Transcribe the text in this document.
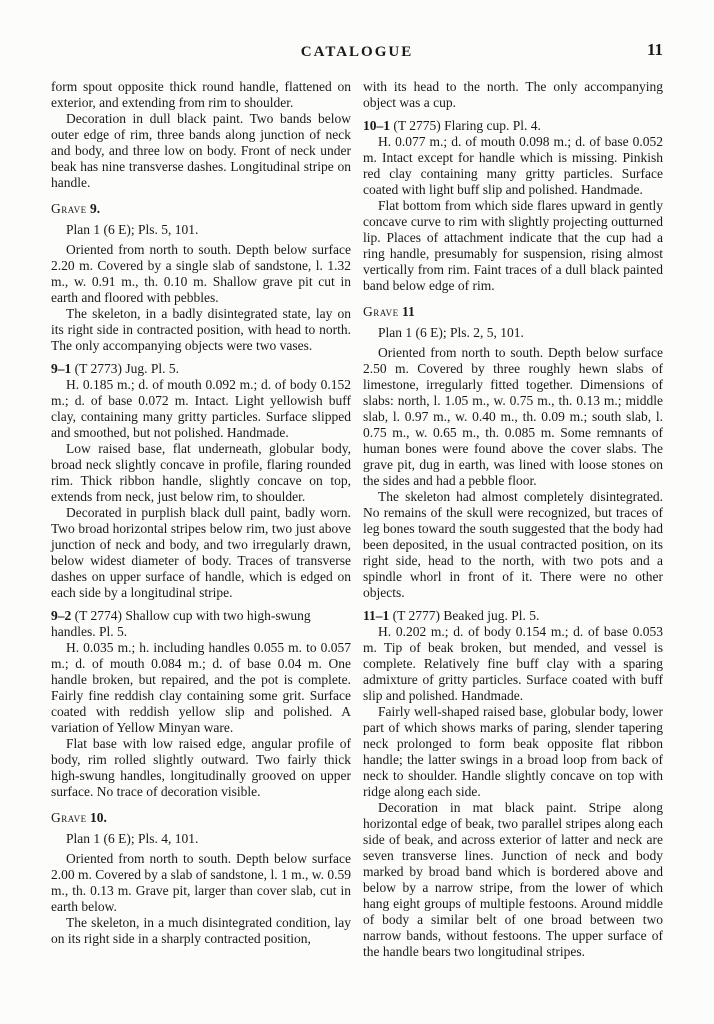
CATALOGUE	11

form spout opposite thick round handle, flattened on exterior, and extending from rim to shoulder.

Decoration in dull black paint. Two bands below outer edge of rim, three bands along junction of neck and body, and three low on body. Front of neck under beak has nine transverse dashes. Longitudinal stripe on handle.

Grave 9.

Plan 1 (6 E); Pls. 5, 101.

Oriented from north to south. Depth below surface 2.20 m. Covered by a single slab of sandstone, l. 1.32 m., w. 0.91 m., th. 0.10 m. Shallow grave pit cut in earth and floored with pebbles.

The skeleton, in a badly disintegrated state, lay on its right side in contracted position, with head to north. The only accompanying objects were two vases.

9–1 (T 2773) Jug. Pl. 5.

H. 0.185 m.; d. of mouth 0.092 m.; d. of body 0.152 m.; d. of base 0.072 m. Intact. Light yellowish buff clay, containing many gritty particles. Surface slipped and smoothed, but not polished. Handmade.

Low raised base, flat underneath, globular body, broad neck slightly concave in profile, flaring rounded rim. Thick ribbon handle, slightly concave on top, extends from neck, just below rim, to shoulder.

Decorated in purplish black dull paint, badly worn. Two broad horizontal stripes below rim, two just above junction of neck and body, and two irregularly drawn, below widest diameter of body. Traces of transverse dashes on upper surface of handle, which is edged on each side by a longitudinal stripe.

9–2 (T 2774) Shallow cup with two high-swung handles. Pl. 5.

H. 0.035 m.; h. including handles 0.055 m. to 0.057 m.; d. of mouth 0.084 m.; d. of base 0.04 m. One handle broken, but repaired, and the pot is complete. Fairly fine reddish clay containing some grit. Surface coated with reddish yellow slip and polished. A variation of Yellow Minyan ware.

Flat base with low raised edge, angular profile of body, rim rolled slightly outward. Two fairly thick high-swung handles, longitudinally grooved on upper surface. No trace of decoration visible.

Grave 10.

Plan 1 (6 E); Pls. 4, 101.

Oriented from north to south. Depth below surface 2.00 m. Covered by a slab of sandstone, l. 1 m., w. 0.59 m., th. 0.13 m. Grave pit, larger than cover slab, cut in earth below.

The skeleton, in a much disintegrated condition, lay on its right side in a sharply contracted position,

with its head to the north. The only accompanying object was a cup.

10–1 (T 2775) Flaring cup. Pl. 4.

H. 0.077 m.; d. of mouth 0.098 m.; d. of base 0.052 m. Intact except for handle which is missing. Pinkish red clay containing many gritty particles. Surface coated with light buff slip and polished. Handmade.

Flat bottom from which side flares upward in gently concave curve to rim with slightly projecting outturned lip. Places of attachment indicate that the cup had a ring handle, presumably for suspension, rising almost vertically from rim. Faint traces of a dull black painted band below edge of rim.

Grave 11

Plan 1 (6 E); Pls. 2, 5, 101.

Oriented from north to south. Depth below surface 2.50 m. Covered by three roughly hewn slabs of limestone, irregularly fitted together. Dimensions of slabs: north, l. 1.05 m., w. 0.75 m., th. 0.13 m.; middle slab, l. 0.97 m., w. 0.40 m., th. 0.09 m.; south slab, l. 0.75 m., w. 0.65 m., th. 0.085 m. Some remnants of human bones were found above the cover slabs. The grave pit, dug in earth, was lined with loose stones on the sides and had a pebble floor.

The skeleton had almost completely disintegrated. No remains of the skull were recognized, but traces of leg bones toward the south suggested that the body had been deposited, in the usual contracted position, on its right side, head to the north, with two pots and a spindle whorl in front of it. There were no other objects.

11–1 (T 2777) Beaked jug. Pl. 5.

H. 0.202 m.; d. of body 0.154 m.; d. of base 0.053 m. Tip of beak broken, but mended, and vessel is complete. Relatively fine buff clay with a sparing admixture of gritty particles. Surface coated with buff slip and polished. Handmade.

Fairly well-shaped raised base, globular body, lower part of which shows marks of paring, slender tapering neck prolonged to form beak opposite flat ribbon handle; the latter swings in a broad loop from back of neck to shoulder. Handle slightly concave on top with ridge along each side.

Decoration in mat black paint. Stripe along horizontal edge of beak, two parallel stripes along each side of beak, and across exterior of latter and neck are seven transverse lines. Junction of neck and body marked by broad band which is bordered above and below by a narrow stripe, from the lower of which hang eight groups of multiple festoons. Around middle of body a similar belt of one broad between two narrow bands, without festoons. The upper surface of the handle bears two longitudinal stripes.
